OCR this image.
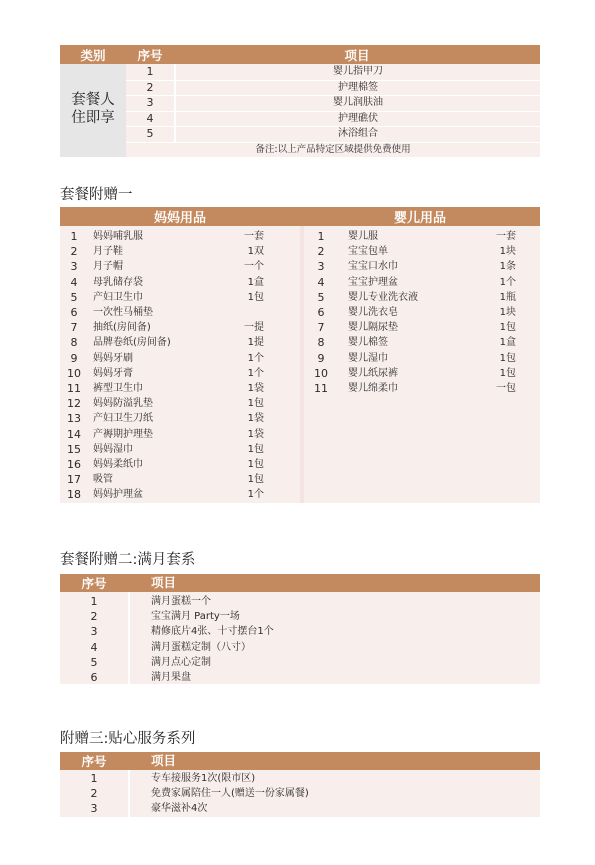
类别	序号	项目
套餐人
住即享
1	婴儿指甲刀
2	护理棉签
3	婴儿润肤油
4	护理礁伏
5	沐浴组合
备注:以上产品特定区域提供免费使用
套餐附赠一
妈妈用品	婴儿用品
1	妈妈哺乳服	一套
2	月子鞋	1双
3	月子帽	一个
4	母乳储存袋	1盒
5	产妇卫生巾	1包
6	一次性马桶垫
7	抽纸(房间备)	一提
8	品牌卷纸(房间备)	1提
9	妈妈牙刷	1个
10	妈妈牙膏	1个
11	裤型卫生巾	1袋
12	妈妈防溢乳垫	1包
13	产妇卫生刀纸	1袋
14	产褥期护理垫	1袋
15	妈妈湿巾	1包
16	妈妈柔纸巾	1包
17	吸管	1包
18	妈妈护理盆	1个
1	婴儿服	一套
2	宝宝包单	1块
3	宝宝口水巾	1条
4	宝宝护理盆	1个
5	婴儿专业洗衣液	1瓶
6	婴儿洗衣皂	1块
7	婴儿隔尿垫	1包
8	婴儿棉签	1盒
9	婴儿湿巾	1包
10	婴儿纸尿裤	1包
11	婴儿绵柔巾	一包
套餐附赠二:满月套系
序号	项目
1	满月蛋糕一个
2	宝宝满月 Party一场
3	精修底片4张、十寸摆台1个
4	满月蛋糕定制（八寸）
5	满月点心定制
6	满月果盘
附赠三:贴心服务系列
序号	项目
1	专车接服务1次(限市区)
2	免费家属陪住一人(赠送一份家属餐)
3	豪华滋补4次
